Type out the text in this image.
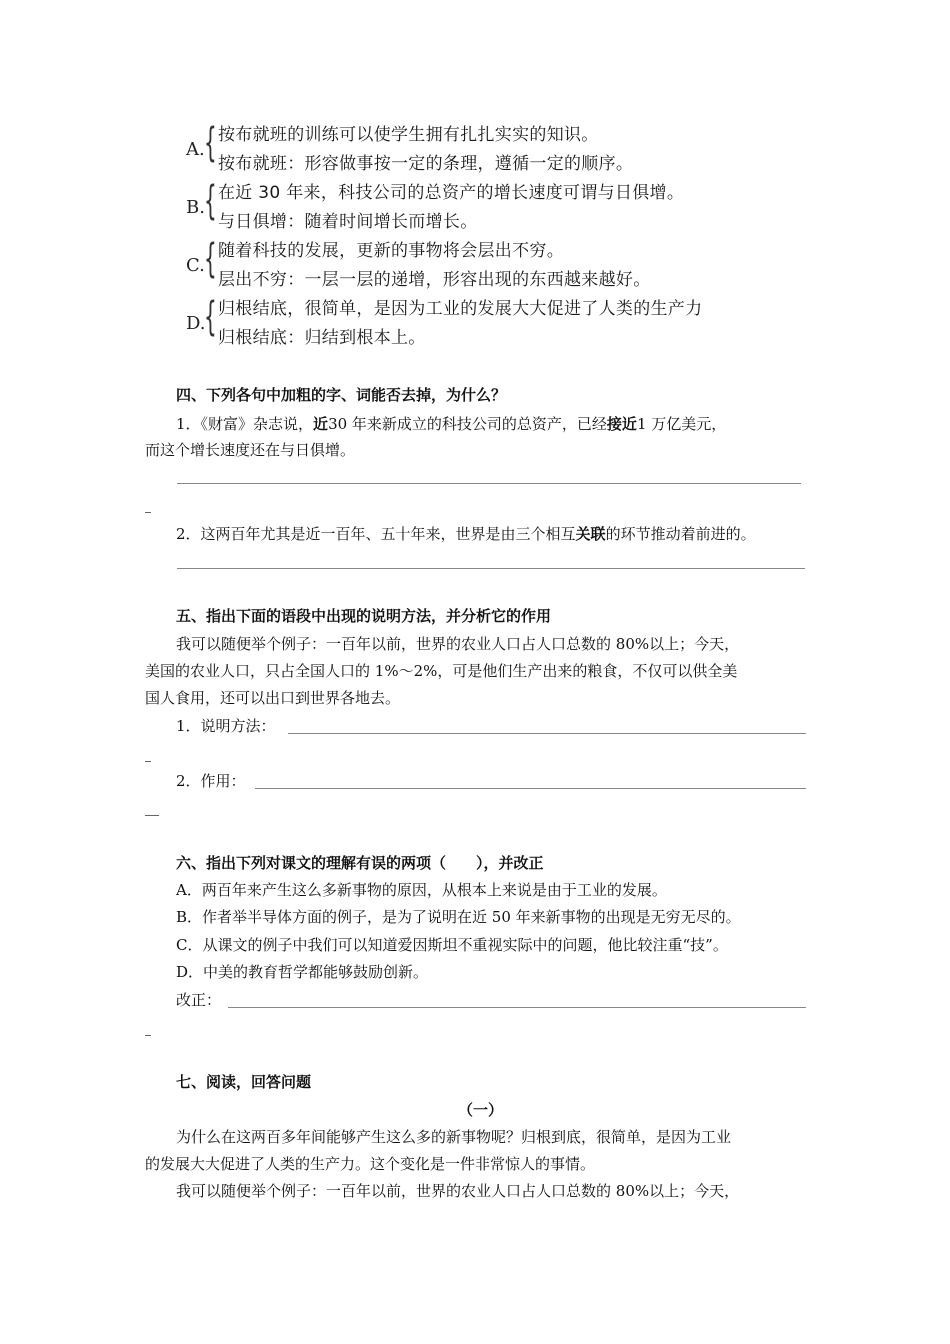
A. { 按布就班的训练可以使学生拥有扎扎实实的知识。
按布就班：形容做事按一定的条理，遵循一定的顺序。
B. { 在近 30 年来，科技公司的总资产的增长速度可谓与日俱增。
与日俱增：随着时间增长而增长。
C. { 随着科技的发展，更新的事物将会层出不穷。
层出不穷：一层一层的递增，形容出现的东西越来越好。
D.
{ 归根结底，很简单，是因为工业的发展大大促进了人类的生产力
归根结底：归结到根本上。
四、下列各句中加粗的字、词能否去掉，为什么？
1．《财富》杂志说，近30 年来新成立的科技公司的总资产，已经接近1 万亿美元，
而这个增长速度还在与日俱增。
2．这两百年尤其是近一百年、五十年来，世界是由三个相互关联的环节推动着前进的。
五、指出下面的语段中出现的说明方法，并分析它的作用
我可以随便举个例子：一百年以前，世界的农业人口占人口总数的 80%以上；今天，
美国的农业人口，只占全国人口的 1%～2%，可是他们生产出来的粮食，不仅可以供全美
国人食用，还可以出口到世界各地去。
1．说明方法：
2．作用：
六、指出下列对课文的理解有误的两项（　　），并改正
A．两百年来产生这么多新事物的原因，从根本上来说是由于工业的发展。
B．作者举半导体方面的例子，是为了说明在近 50 年来新事物的出现是无穷无尽的。
C．从课文的例子中我们可以知道爱因斯坦不重视实际中的问题，他比较注重“技”。
D．中美的教育哲学都能够鼓励创新。
改正：
七、阅读，回答问题
（一）
为什么在这两百多年间能够产生这么多的新事物呢？归根到底，很简单，是因为工业
的发展大大促进了人类的生产力。这个变化是一件非常惊人的事情。
我可以随便举个例子：一百年以前，世界的农业人口占人口总数的 80%以上；今天，
